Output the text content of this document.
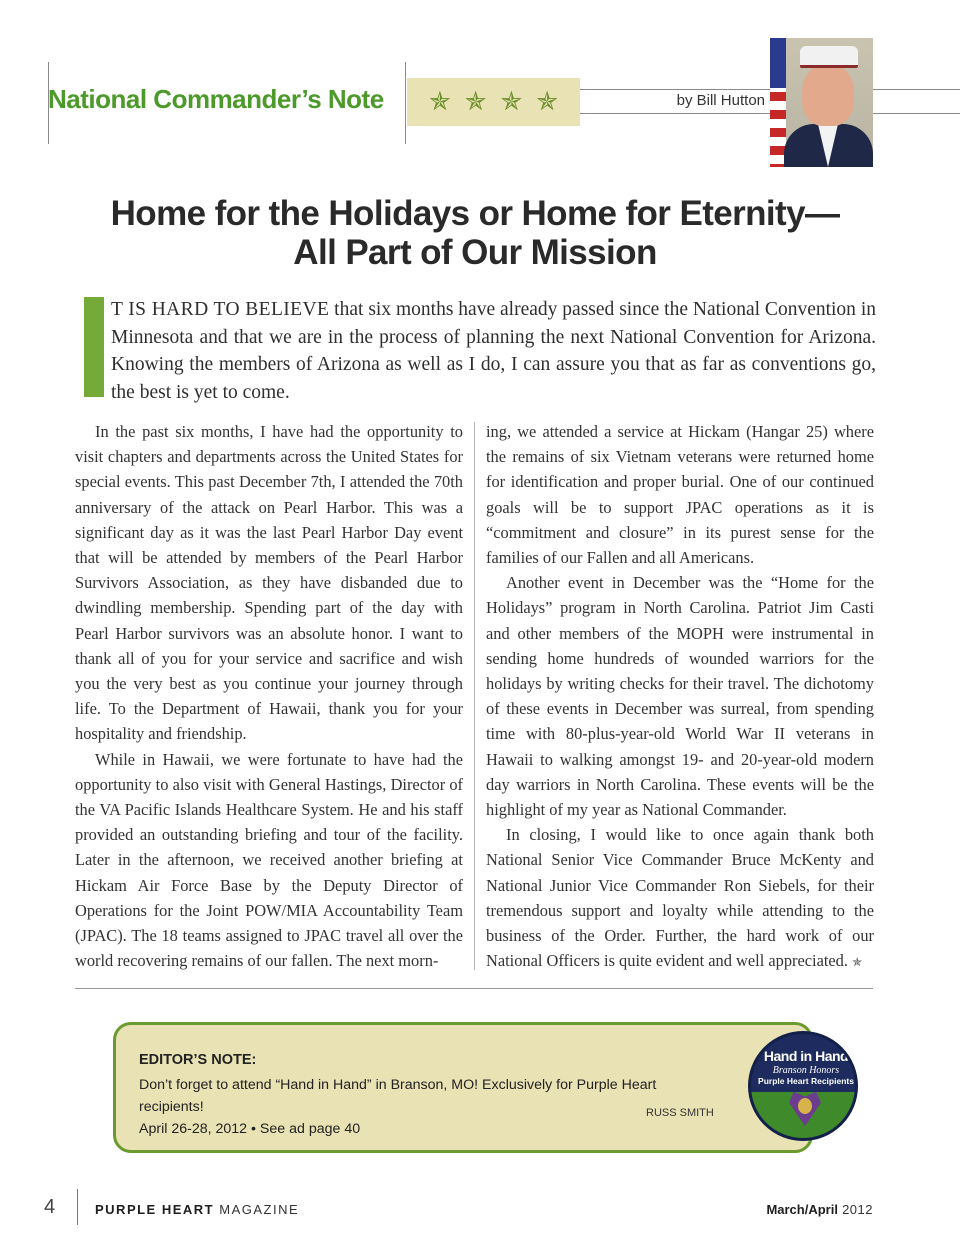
National Commander’s Note ✯ ✯ ✯ ✯	by Bill Hutton
Home for the Holidays or Home for Eternity—
All Part of Our Mission

T IS HARD TO BELIEVE that six months have already passed since the National Convention in Minnesota and that we are in the process of planning the next National Convention for Arizona. Knowing the members of Arizona as well as I do, I can assure you that as far as conventions go, the best is yet to come.

In the past six months, I have had the opportunity to visit chapters and departments across the United States for special events. This past December 7th, I attended the 70th anniversary of the attack on Pearl Harbor. This was a significant day as it was the last Pearl Harbor Day event that will be attended by members of the Pearl Harbor Survivors Association, as they have disbanded due to dwindling membership. Spending part of the day with Pearl Harbor survivors was an absolute honor. I want to thank all of you for your service and sacrifice and wish you the very best as you continue your journey through life. To the Department of Hawaii, thank you for your hospitality and friendship.

While in Hawaii, we were fortunate to have had the opportunity to also visit with General Hastings, Director of the VA Pacific Islands Healthcare System. He and his staff provided an outstanding briefing and tour of the facility. Later in the afternoon, we received another briefing at Hickam Air Force Base by the Deputy Director of Operations for the Joint POW/MIA Accountability Team (JPAC). The 18 teams assigned to JPAC travel all over the world recovering remains of our fallen. The next morn-

ing, we attended a service at Hickam (Hangar 25) where the remains of six Vietnam veterans were returned home for identification and proper burial. One of our continued goals will be to support JPAC operations as it is “commitment and closure” in its purest sense for the families of our Fallen and all Americans.

Another event in December was the “Home for the Holidays” program in North Carolina. Patriot Jim Casti and other members of the MOPH were instrumental in sending home hundreds of wounded warriors for the holidays by writing checks for their travel. The dichotomy of these events in December was surreal, from spending time with 80-plus-year-old World War II veterans in Hawaii to walking amongst 19- and 20-year-old modern day warriors in North Carolina. These events will be the highlight of my year as National Commander.

In closing, I would like to once again thank both National Senior Vice Commander Bruce McKenty and National Junior Vice Commander Ron Siebels, for their tremendous support and loyalty while attending to the business of the Order. Further, the hard work of our National Officers is quite evident and well appreciated. ✯

EDITOR’S NOTE:
Don’t forget to attend “Hand in Hand” in Branson, MO! Exclusively for Purple Heart recipients!
April 26-28, 2012 • See ad page 40
RUSS SMITH
Hand in Hand
Branson Honors
Purple Heart Recipients
4	PURPLE HEART MAGAZINE	March/April 2012
